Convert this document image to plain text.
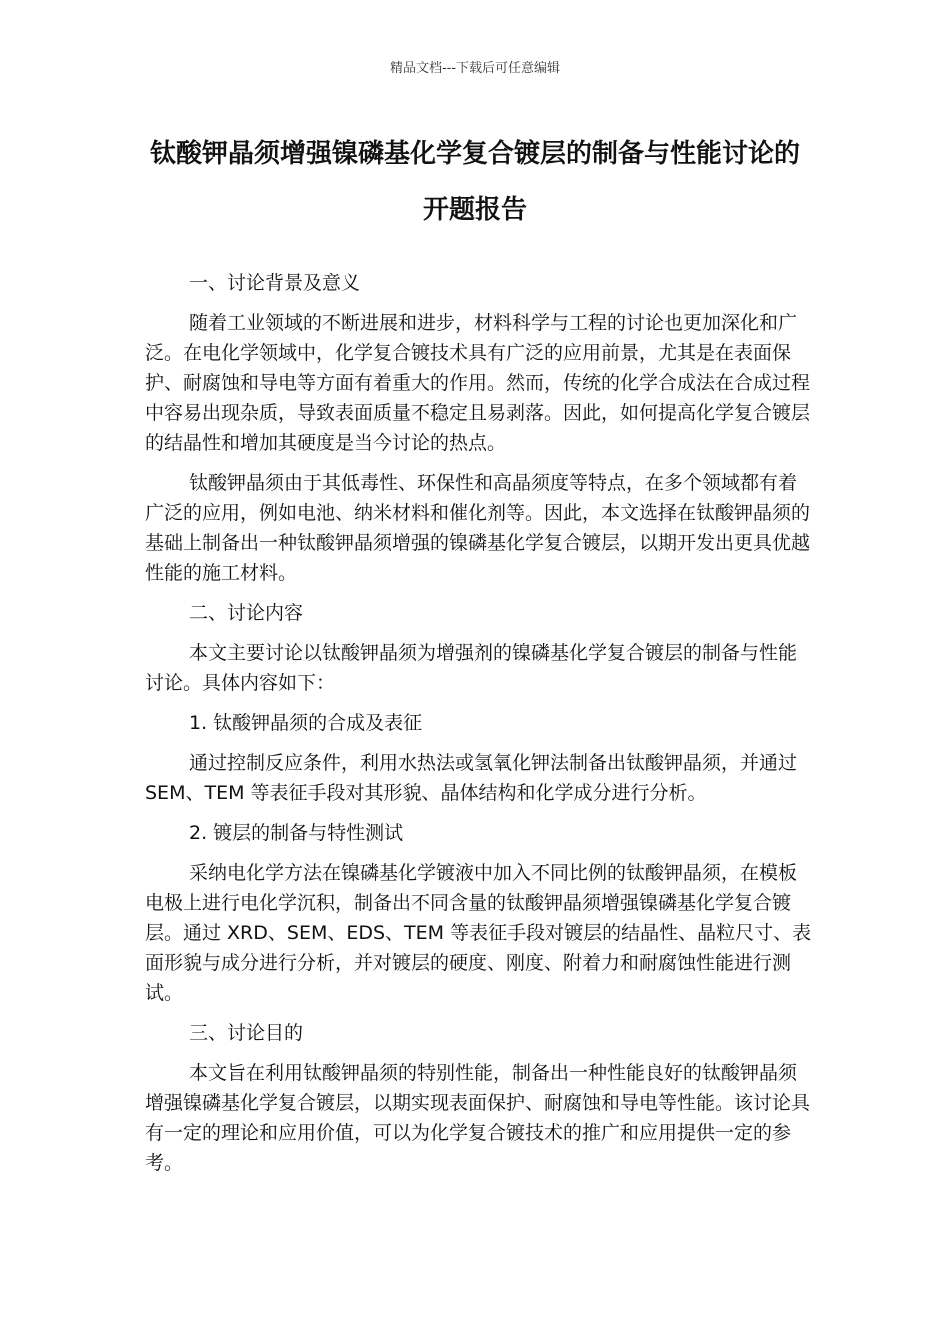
精品文档---下载后可任意编辑
钛酸钾晶须增强镍磷基化学复合镀层的制备与性能讨论的开题报告

一、讨论背景及意义

随着工业领域的不断进展和进步，材料科学与工程的讨论也更加深化和广泛。在电化学领域中，化学复合镀技术具有广泛的应用前景，尤其是在表面保护、耐腐蚀和导电等方面有着重大的作用。然而，传统的化学合成法在合成过程中容易出现杂质，导致表面质量不稳定且易剥落。因此，如何提高化学复合镀层的结晶性和增加其硬度是当今讨论的热点。

钛酸钾晶须由于其低毒性、环保性和高晶须度等特点，在多个领域都有着广泛的应用，例如电池、纳米材料和催化剂等。因此，本文选择在钛酸钾晶须的基础上制备出一种钛酸钾晶须增强的镍磷基化学复合镀层，以期开发出更具优越性能的施工材料。

二、讨论内容

本文主要讨论以钛酸钾晶须为增强剂的镍磷基化学复合镀层的制备与性能讨论。具体内容如下：

1. 钛酸钾晶须的合成及表征

通过控制反应条件，利用水热法或氢氧化钾法制备出钛酸钾晶须，并通过 SEM、TEM 等表征手段对其形貌、晶体结构和化学成分进行分析。

2. 镀层的制备与特性测试

采纳电化学方法在镍磷基化学镀液中加入不同比例的钛酸钾晶须，在模板电极上进行电化学沉积，制备出不同含量的钛酸钾晶须增强镍磷基化学复合镀层。通过 XRD、SEM、EDS、TEM 等表征手段对镀层的结晶性、晶粒尺寸、表面形貌与成分进行分析，并对镀层的硬度、刚度、附着力和耐腐蚀性能进行测试。

三、讨论目的

本文旨在利用钛酸钾晶须的特别性能，制备出一种性能良好的钛酸钾晶须增强镍磷基化学复合镀层，以期实现表面保护、耐腐蚀和导电等性能。该讨论具有一定的理论和应用价值，可以为化学复合镀技术的推广和应用提供一定的参考。
